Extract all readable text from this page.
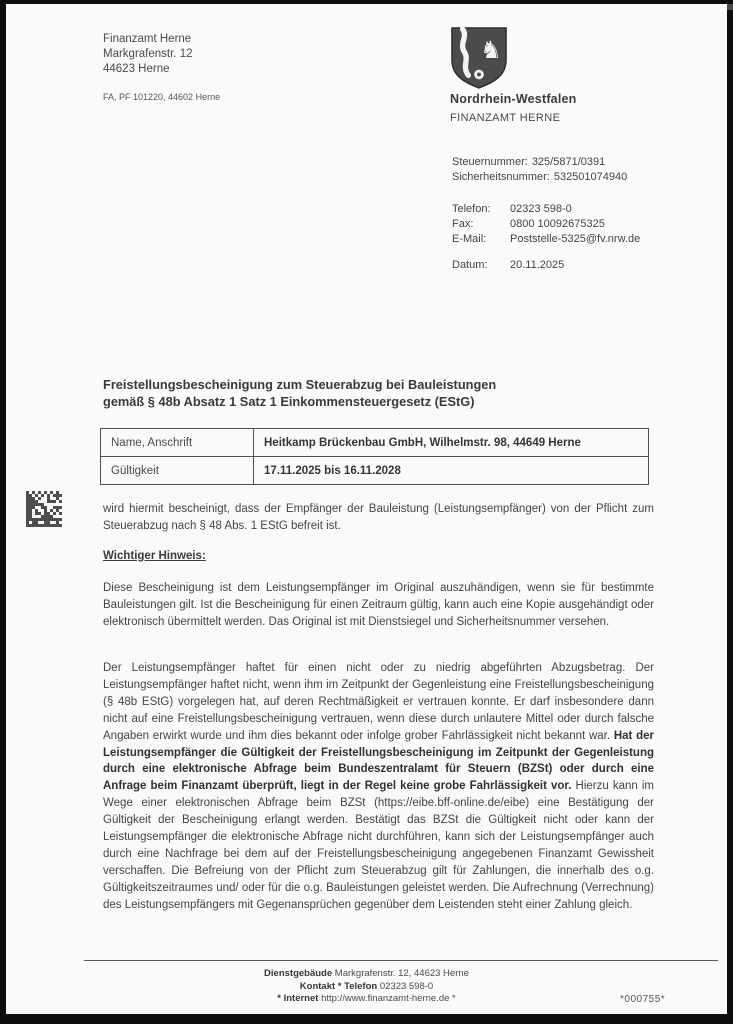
Finanzamt Herne
Markgrafenstr. 12
44623 Herne
FA, PF 101220, 44602 Herne
♞
Nordrhein-Westfalen
FINANZAMT HERNE
Steuernummer: 325/5871/0391
Sicherheitsnummer: 532501074940
Telefon:	02323 598-0
Fax:	0800 10092675325
E-Mail:	Poststelle-5325@fv.nrw.de
Datum:	20.11.2025
Freistellungsbescheinigung zum Steuerabzug bei Bauleistungen
gemäß § 48b Absatz 1 Satz 1 Einkommensteuergesetz (EStG)
Name, Anschrift	Heitkamp Brückenbau GmbH, Wilhelmstr. 98, 44649 Herne
Gültigkeit	17.11.2025 bis 16.11.2028

wird hiermit bescheinigt, dass der Empfänger der Bauleistung (Leistungsempfänger) von der Pflicht zum Steuerabzug nach § 48 Abs. 1 EStG befreit ist.

Wichtiger Hinweis:

Diese Bescheinigung ist dem Leistungsempfänger im Original auszuhändigen, wenn sie für bestimmte Bauleistungen gilt. Ist die Bescheinigung für einen Zeitraum gültig, kann auch eine Kopie ausgehändigt oder elektronisch übermittelt werden. Das Original ist mit Dienstsiegel und Sicherheitsnummer versehen.

Der Leistungsempfänger haftet für einen nicht oder zu niedrig abgeführten Abzugsbetrag. Der Leistungsempfänger haftet nicht, wenn ihm im Zeitpunkt der Gegenleistung eine Freistellungsbescheinigung (§ 48b EStG) vorgelegen hat, auf deren Rechtmäßigkeit er vertrauen konnte. Er darf insbesondere dann nicht auf eine Freistellungsbescheinigung vertrauen, wenn diese durch unlautere Mittel oder durch falsche Angaben erwirkt wurde und ihm dies bekannt oder infolge grober Fahrlässigkeit nicht bekannt war. Hat der Leistungsempfänger die Gültigkeit der Freistellungsbescheinigung im Zeitpunkt der Gegenleistung durch eine elektronische Abfrage beim Bundeszentralamt für Steuern (BZSt) oder durch eine Anfrage beim Finanzamt überprüft, liegt in der Regel keine grobe Fahrlässigkeit vor. Hierzu kann im Wege einer elektronischen Abfrage beim BZSt (https://eibe.bff-online.de/eibe) eine Bestätigung der Gültigkeit der Bescheinigung erlangt werden. Bestätigt das BZSt die Gültigkeit nicht oder kann der Leistungsempfänger die elektronische Abfrage nicht durchführen, kann sich der Leistungsempfänger auch durch eine Nachfrage bei dem auf der Freistellungsbescheinigung angegebenen Finanzamt Gewissheit verschaffen. Die Befreiung von der Pflicht zum Steuerabzug gilt für Zahlungen, die innerhalb des o.g. Gültigkeitszeitraumes und/ oder für die o.g. Bauleistungen geleistet werden. Die Aufrechnung (Verrechnung) des Leistungsempfängers mit Gegenansprüchen gegenüber dem Leistenden steht einer Zahlung gleich.

Dienstgebäude Markgrafenstr. 12, 44623 Herne
Kontakt * Telefon 02323 598-0
* Internet http://www.finanzamt-herne.de *	*000755*
